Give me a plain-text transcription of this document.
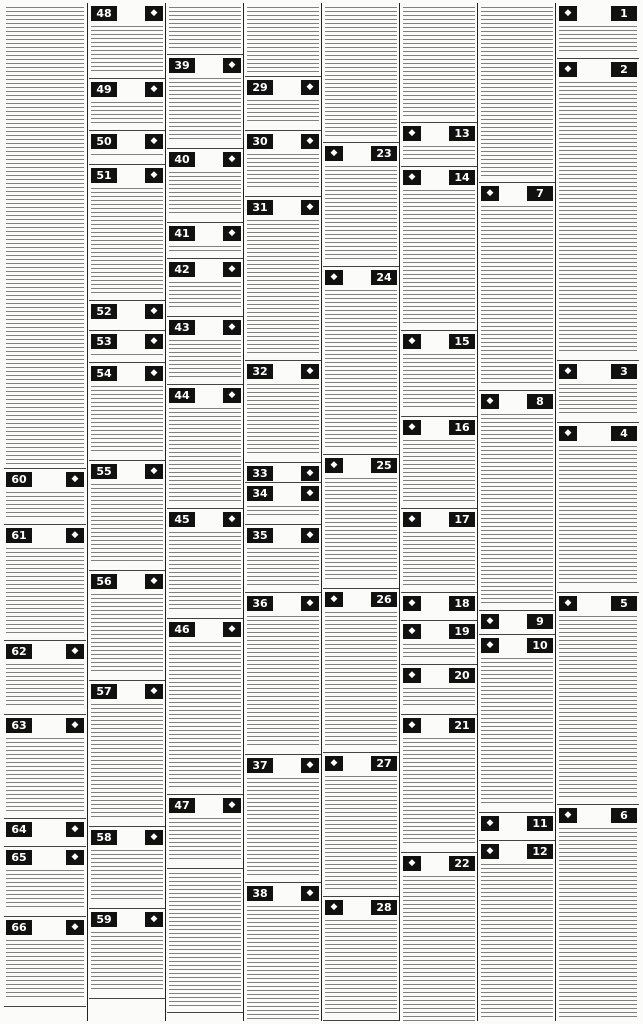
60	◆
61	◆
62	◆
63	◆
64	◆
65	◆
66	◆
48	◆
49	◆
50	◆
51	◆
52	◆
53	◆
54	◆
55	◆
56	◆
57	◆
58	◆
59	◆
39	◆
40	◆
41	◆
42	◆
43	◆
44	◆
45	◆
46	◆
47	◆
29	◆
30	◆
31	◆
32	◆
33	◆
34	◆
35	◆
36	◆
37	◆
38	◆
23
◆
24
◆
25
◆
26
◆
27
◆
28
◆
13
◆
14
◆
15
◆
16
◆
17
◆
18
◆
19
◆
20
◆
21
◆
22
◆
7
◆
8
◆
9
◆
10
◆
11
◆
12
◆
1
◆
2
◆
3
◆
4
◆
5
◆
6
◆
